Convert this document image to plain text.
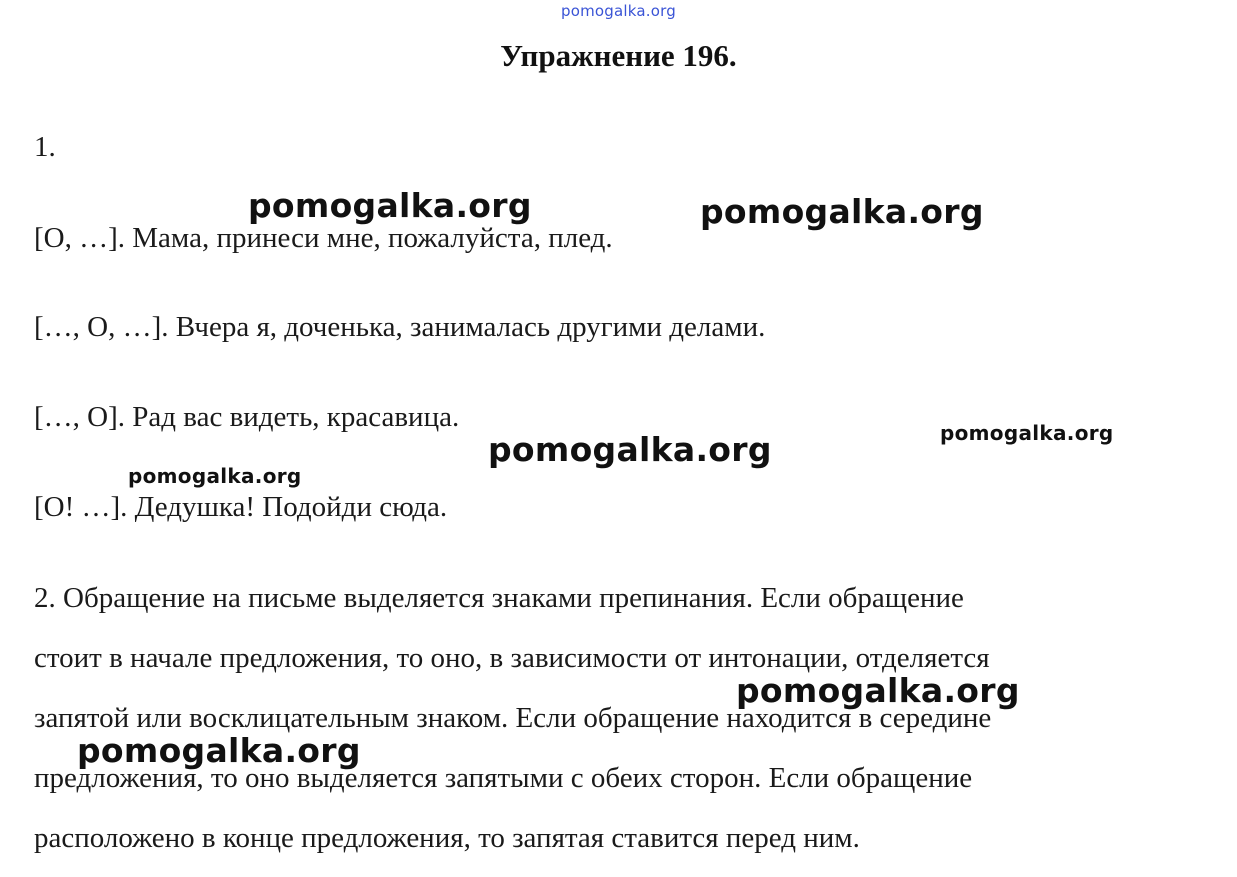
pomogalka.org
Упражнение 196.
1.
[О, …]. Мама, принеси мне, пожалуйста, плед.
[…, О, …]. Вчера я, доченька, занималась другими делами.
[…, О]. Рад вас видеть, красавица.
[О! …]. Дедушка! Подойди сюда.
2. Обращение на письме выделяется знаками препинания. Если обращение
стоит в начале предложения, то оно, в зависимости от интонации, отделяется
запятой или восклицательным знаком. Если обращение находится в середине
предложения, то оно выделяется запятыми с обеих сторон. Если обращение
расположено в конце предложения, то запятая ставится перед ним.
pomogalka.org	pomogalka.org
pomogalka.org
pomogalka.org
pomogalka.org
pomogalka.org
pomogalka.org
